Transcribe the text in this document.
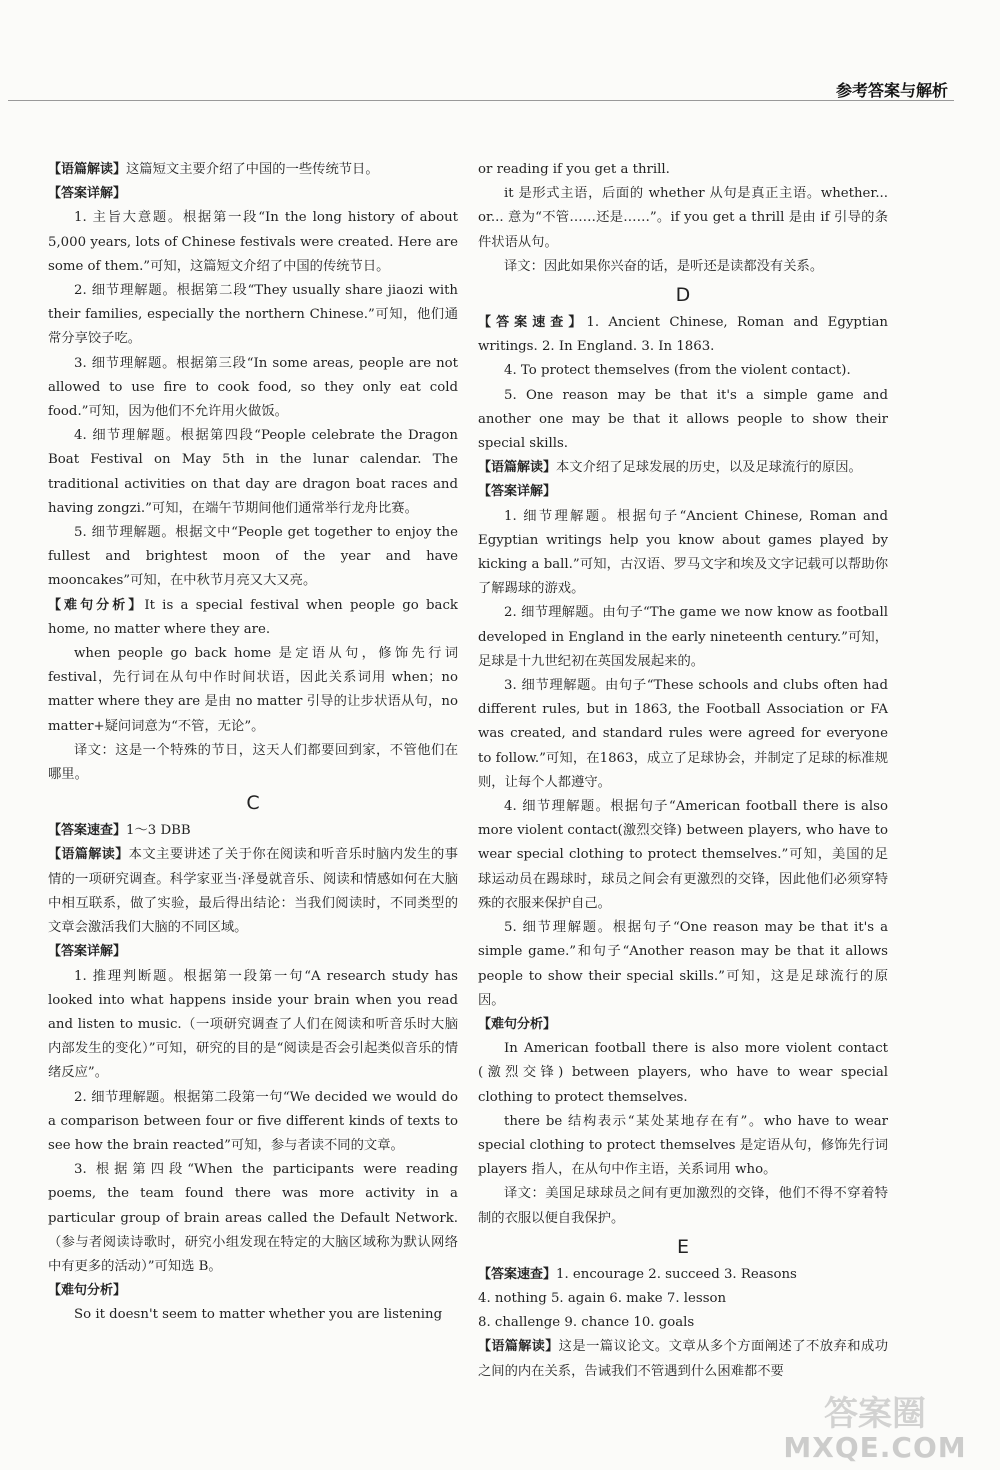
参考答案与解析

【语篇解读】这篇短文主要介绍了中国的一些传统节日。

【答案详解】

1. 主旨大意题。根据第一段“In the long history of about 5,000 years, lots of Chinese festivals were created. Here are some of them.”可知，这篇短文介绍了中国的传统节日。

2. 细节理解题。根据第二段“They usually share jiaozi with their families, especially the northern Chinese.”可知，他们通常分享饺子吃。

3. 细节理解题。根据第三段“In some areas, people are not allowed to use fire to cook food, so they only eat cold food.”可知，因为他们不允许用火做饭。

4. 细节理解题。根据第四段“People celebrate the Dragon Boat Festival on May 5th in the lunar calendar. The traditional activities on that day are dragon boat races and having zongzi.”可知，在端午节期间他们通常举行龙舟比赛。

5. 细节理解题。根据文中“People get together to enjoy the fullest and brightest moon of the year and have mooncakes”可知，在中秋节月亮又大又亮。

【难句分析】It is a special festival when people go back home, no matter where they are.

when people go back home 是定语从句，修饰先行词 festival，先行词在从句中作时间状语，因此关系词用 when；no matter where they are 是由 no matter 引导的让步状语从句，no matter+疑问词意为“不管，无论”。

译文：这是一个特殊的节日，这天人们都要回到家，不管他们在哪里。

C

【答案速查】1～3 DBB

【语篇解读】本文主要讲述了关于你在阅读和听音乐时脑内发生的事情的一项研究调查。科学家亚当·泽曼就音乐、阅读和情感如何在大脑中相互联系，做了实验，最后得出结论：当我们阅读时，不同类型的文章会激活我们大脑的不同区域。

【答案详解】

1. 推理判断题。根据第一段第一句“A research study has looked into what happens inside your brain when you read and listen to music.（一项研究调查了人们在阅读和听音乐时大脑内部发生的变化）”可知，研究的目的是“阅读是否会引起类似音乐的情绪反应”。

2. 细节理解题。根据第二段第一句“We decided we would do a comparison between four or five different kinds of texts to see how the brain reacted”可知，参与者读不同的文章。

3. 根据第四段“When the participants were reading poems, the team found there was more activity in a particular group of brain areas called the Default Network.（参与者阅读诗歌时，研究小组发现在特定的大脑区域称为默认网络中有更多的活动）”可知选 B。

【难句分析】

So it doesn't seem to matter whether you are listening

or reading if you get a thrill.

it 是形式主语，后面的 whether 从句是真正主语。whether... or... 意为“不管……还是……”。if you get a thrill 是由 if 引导的条件状语从句。

译文：因此如果你兴奋的话，是听还是读都没有关系。

D

【答案速查】1. Ancient Chinese, Roman and Egyptian writings. 2. In England. 3. In 1863.

4. To protect themselves (from the violent contact).

5. One reason may be that it's a simple game and another one may be that it allows people to show their special skills.

【语篇解读】本文介绍了足球发展的历史，以及足球流行的原因。

【答案详解】

1. 细节理解题。根据句子“Ancient Chinese, Roman and Egyptian writings help you know about games played by kicking a ball.”可知，古汉语、罗马文字和埃及文字记载可以帮助你了解踢球的游戏。

2. 细节理解题。由句子“The game we now know as football developed in England in the early nineteenth century.”可知，足球是十九世纪初在英国发展起来的。

3. 细节理解题。由句子“These schools and clubs often had different rules, but in 1863, the Football Association or FA was created, and standard rules were agreed for everyone to follow.”可知，在1863，成立了足球协会，并制定了足球的标准规则，让每个人都遵守。

4. 细节理解题。根据句子“American football there is also more violent contact(激烈交锋) between players, who have to wear special clothing to protect themselves.”可知，美国的足球运动员在踢球时，球员之间会有更激烈的交锋，因此他们必须穿特殊的衣服来保护自己。

5. 细节理解题。根据句子“One reason may be that it's a simple game.”和句子“Another reason may be that it allows people to show their special skills.”可知，这是足球流行的原因。

【难句分析】

In American football there is also more violent contact (激烈交锋) between players, who have to wear special clothing to protect themselves.

there be 结构表示“某处某地存在有”。who have to wear special clothing to protect themselves 是定语从句，修饰先行词 players 指人，在从句中作主语，关系词用 who。

译文：美国足球球员之间有更加激烈的交锋，他们不得不穿着特制的衣服以便自我保护。

E

【答案速查】1. encourage 2. succeed 3. Reasons

4. nothing 5. again 6. make 7. lesson

8. challenge 9. chance 10. goals

【语篇解读】这是一篇议论文。文章从多个方面阐述了不放弃和成功之间的内在关系，告诫我们不管遇到什么困难都不要

答案圈
MXQE.COM
